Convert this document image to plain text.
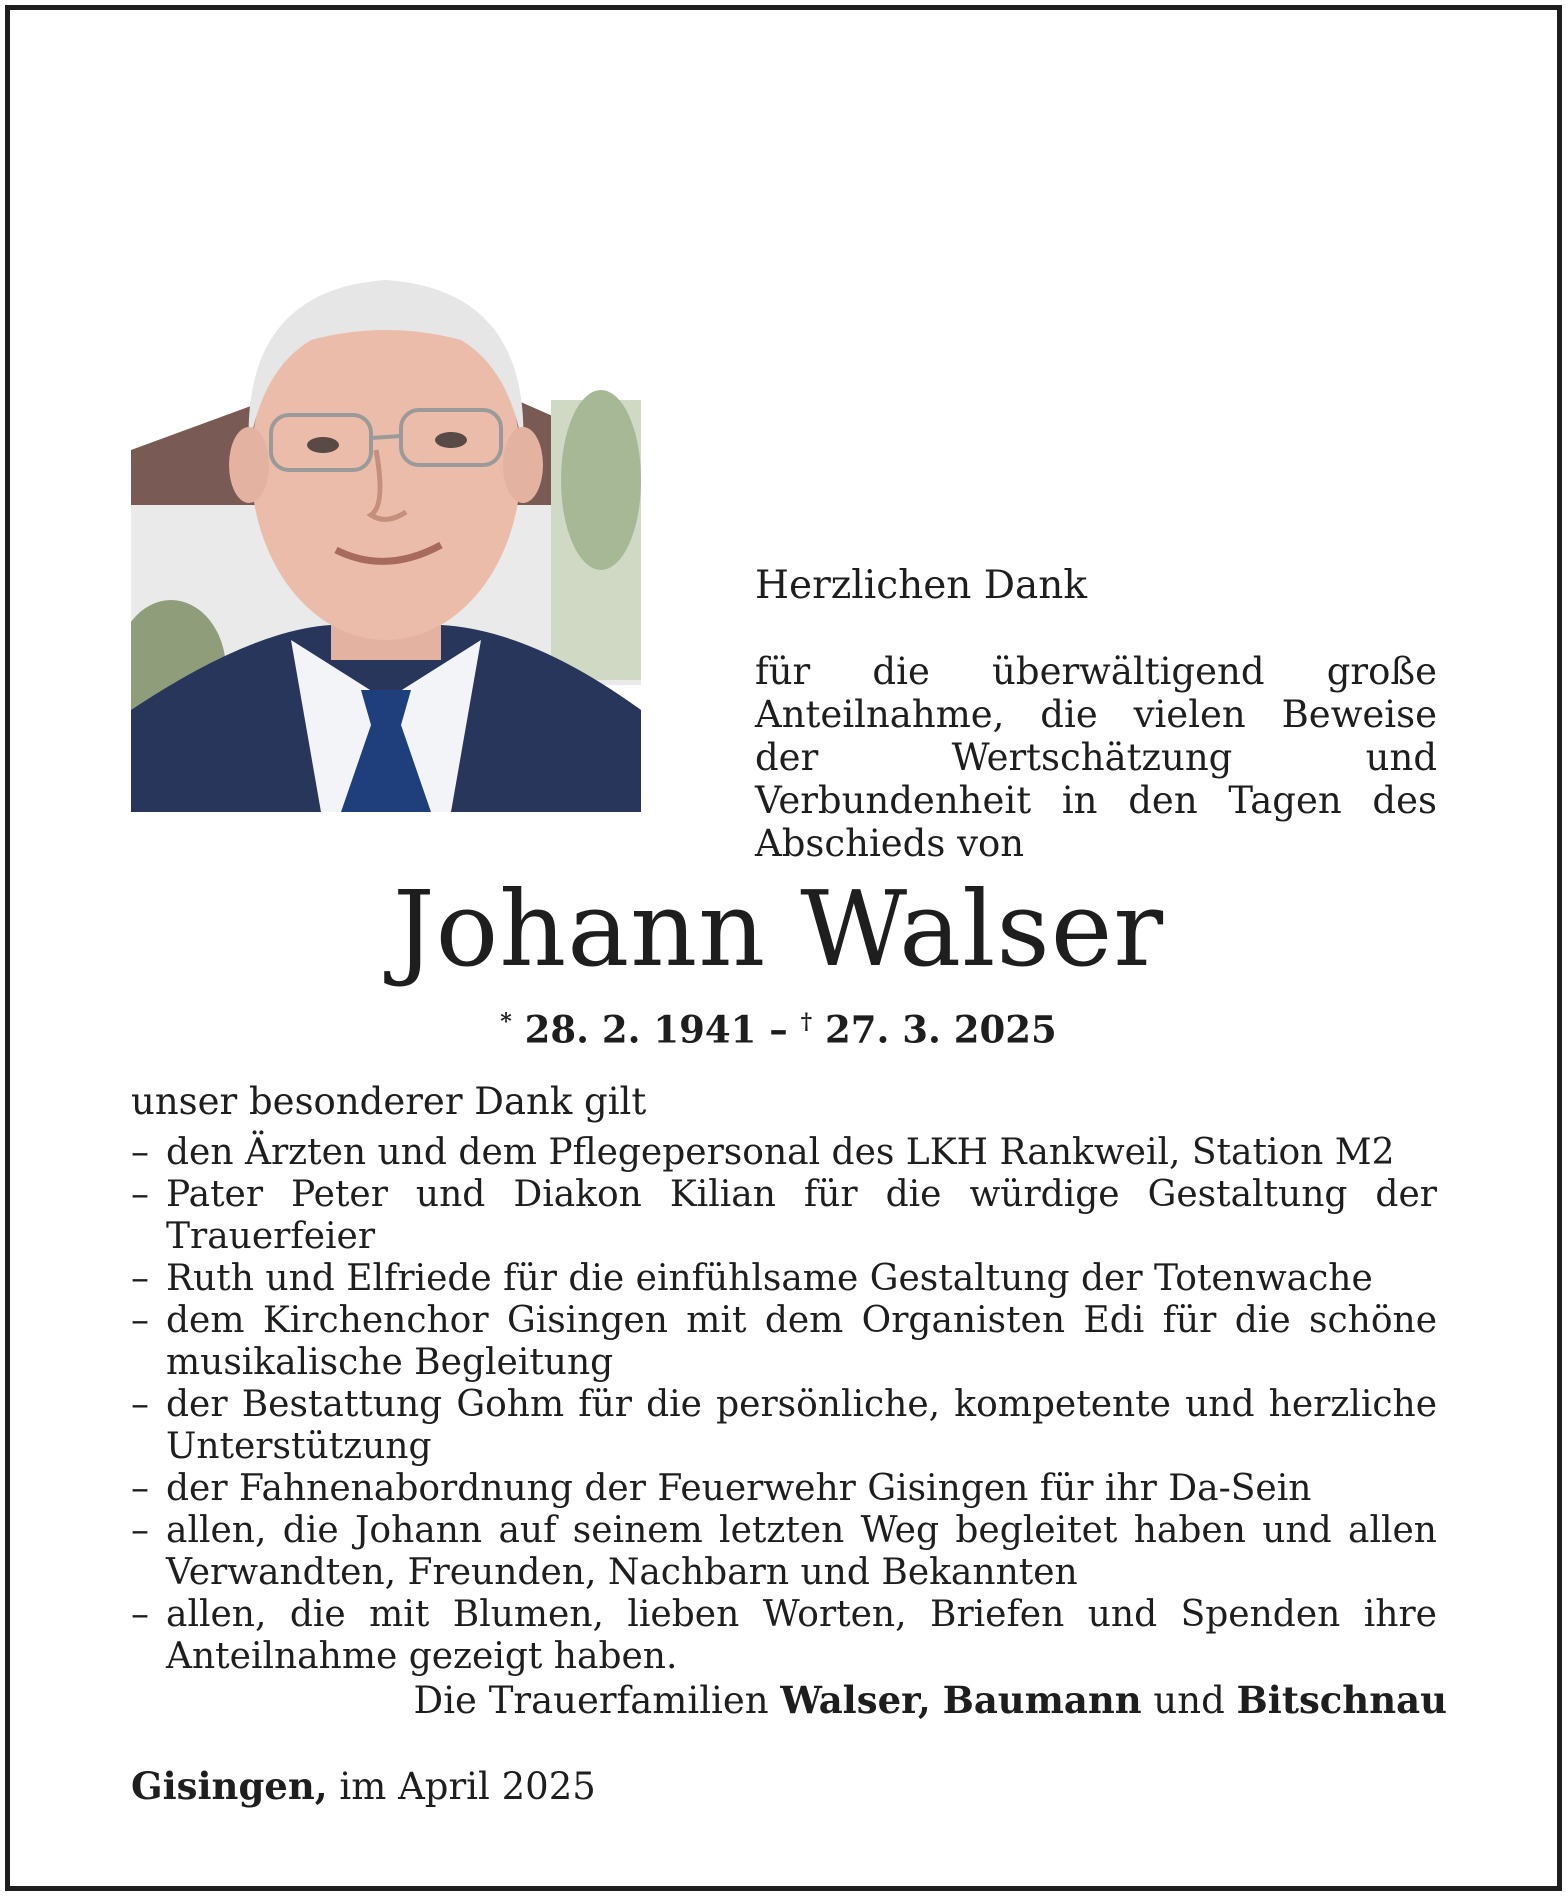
Herzlichen Dank
für die überwältigend große Anteilnahme, die vielen Beweise der Wertschätzung und Verbundenheit in den Tagen des Abschieds von
Johann Walser
* 28. 2. 1941 – † 27. 3. 2025
unser besonderer Dank gilt
– den Ärzten und dem Pflegepersonal des LKH Rankweil, Station M2
– Pater Peter und Diakon Kilian für die würdige Gestaltung der Trauerfeier
– Ruth und Elfriede für die einfühlsame Gestaltung der Totenwache
– dem Kirchenchor Gisingen mit dem Organisten Edi für die schöne musikalische Begleitung
– der Bestattung Gohm für die persönliche, kompetente und herzliche Unterstützung
– der Fahnenabordnung der Feuerwehr Gisingen für ihr Da-Sein
– allen, die Johann auf seinem letzten Weg begleitet haben und allen Verwandten, Freunden, Nachbarn und Bekannten
– allen, die mit Blumen, lieben Worten, Briefen und Spenden ihre Anteilnahme gezeigt haben.
Die Trauerfamilien Walser, Baumann und Bitschnau
Gisingen, im April 2025
